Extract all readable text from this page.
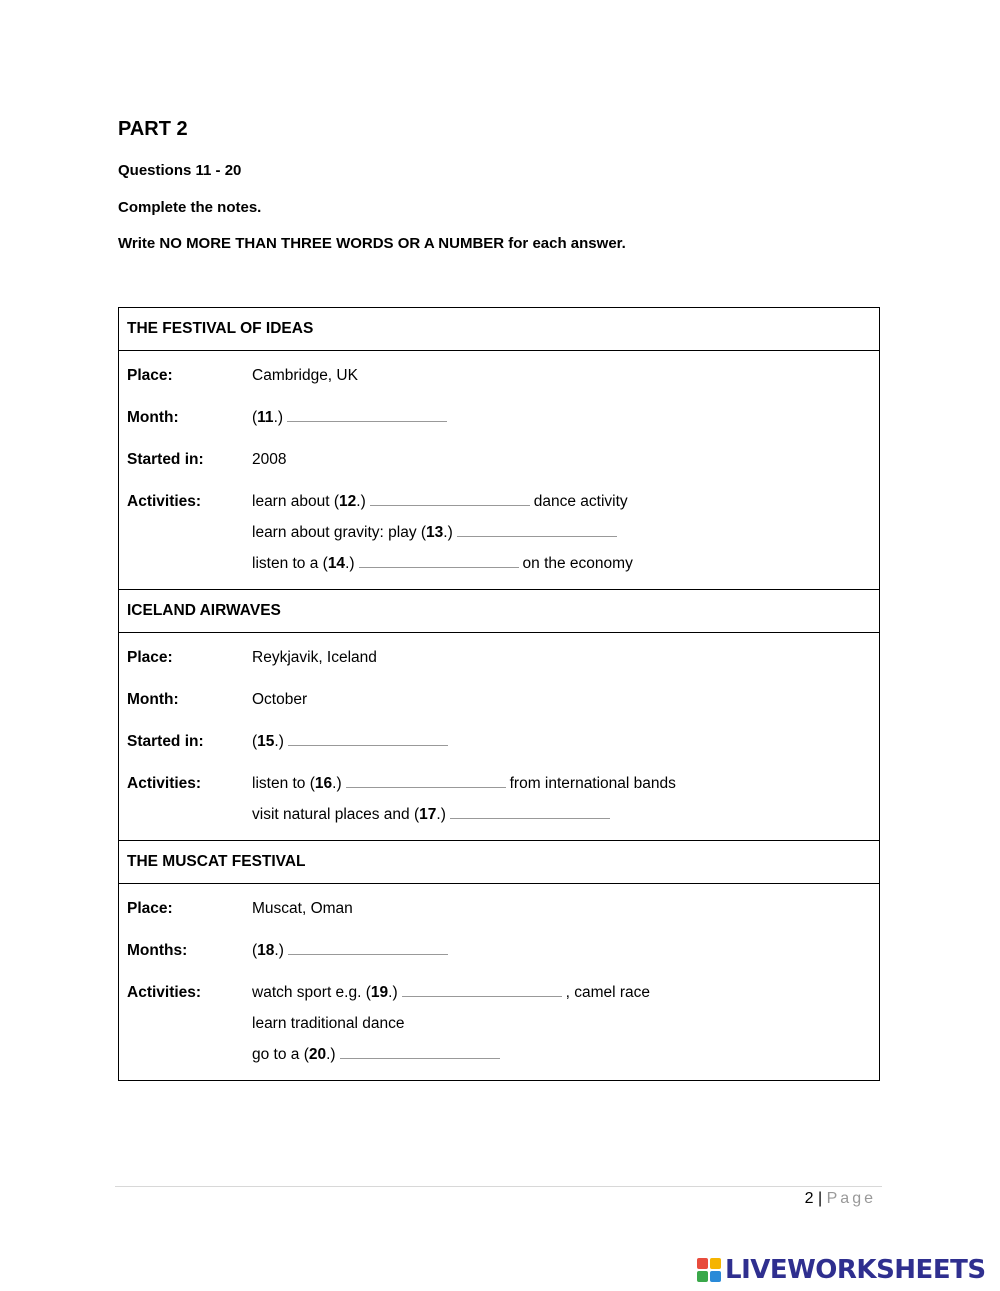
PART 2
Questions 11 - 20
Complete the notes.
Write NO MORE THAN THREE WORDS OR A NUMBER for each answer.
THE FESTIVAL OF IDEAS
Place:	Cambridge, UK
Month:	(11.)
Started in:	2008
Activities:	learn about (12.)	dance activity
learn about gravity: play (13.)
listen to a (14.)	on the economy
ICELAND AIRWAVES
Place:	Reykjavik, Iceland
Month:	October
Started in:	(15.)
Activities:	listen to (16.)	from international bands
visit natural places and (17.)
THE MUSCAT FESTIVAL
Place:	Muscat, Oman
Months:	(18.)
Activities:	watch sport e.g. (19.)	, camel race
learn traditional dance
go to a (20.)
2 | Page
LIVEWORKSHEETS
